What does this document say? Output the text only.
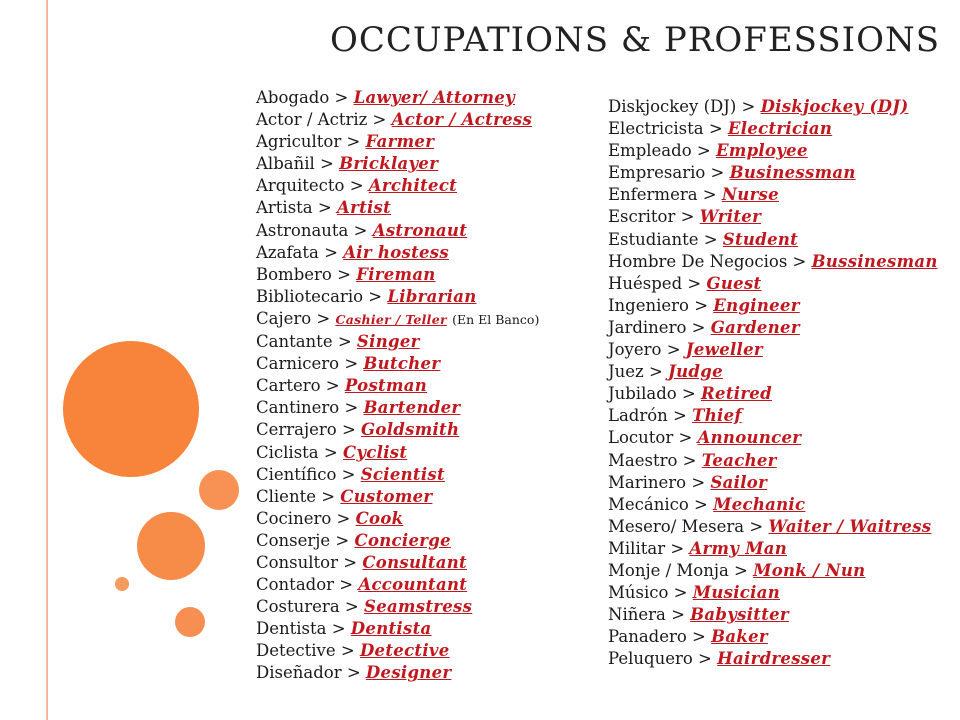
OCCUPATIONS & PROFESSIONS
Abogado > Lawyer/ Attorney
Actor / Actriz > Actor / Actress
Agricultor > Farmer
Albañil > Bricklayer
Arquitecto > Architect
Artista > Artist
Astronauta > Astronaut
Azafata > Air hostess
Bombero > Fireman
Bibliotecario > Librarian
Cajero > Cashier / Teller (En El Banco)
Cantante > Singer
Carnicero > Butcher
Cartero > Postman
Cantinero > Bartender
Cerrajero > Goldsmith
Ciclista > Cyclist
Científico > Scientist
Cliente > Customer
Cocinero > Cook
Conserje > Concierge
Consultor > Consultant
Contador > Accountant
Costurera > Seamstress
Dentista > Dentista
Detective > Detective
Diseñador > Designer
Diskjockey (DJ) > Diskjockey (DJ)
Electricista > Electrician
Empleado > Employee
Empresario > Businessman
Enfermera > Nurse
Escritor > Writer
Estudiante > Student
Hombre De Negocios > Bussinesman
Huésped > Guest
Ingeniero > Engineer
Jardinero > Gardener
Joyero > Jeweller
Juez > Judge
Jubilado > Retired
Ladrón > Thief
Locutor > Announcer
Maestro > Teacher
Marinero > Sailor
Mecánico > Mechanic
Mesero/ Mesera > Waiter / Waitress
Militar > Army Man
Monje / Monja > Monk / Nun
Músico > Musician
Niñera > Babysitter
Panadero > Baker
Peluquero > Hairdresser
